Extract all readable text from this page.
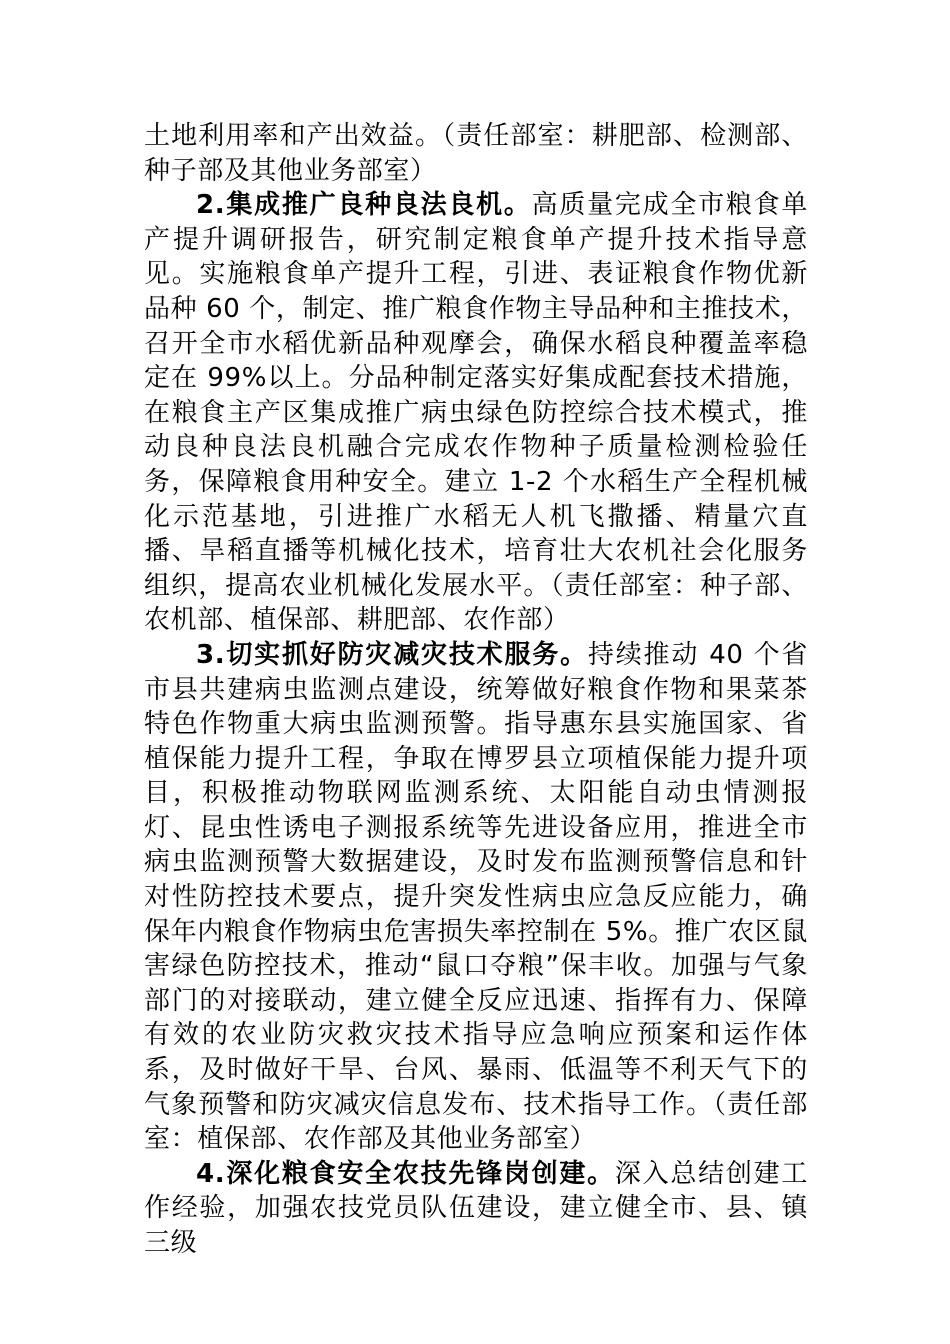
土地利用率和产出效益。（责任部室：耕肥部、检测部、种子部及其他业务部室）

2.集成推广良种良法良机。高质量完成全市粮食单产提升调研报告，研究制定粮食单产提升技术指导意见。实施粮食单产提升工程，引进、表证粮食作物优新品种 60 个，制定、推广粮食作物主导品种和主推技术，召开全市水稻优新品种观摩会，确保水稻良种覆盖率稳定在 99%以上。分品种制定落实好集成配套技术措施，在粮食主产区集成推广病虫绿色防控综合技术模式，推动良种良法良机融合完成农作物种子质量检测检验任务，保障粮食用种安全。建立 1-2 个水稻生产全程机械化示范基地，引进推广水稻无人机飞撒播、精量穴直播、旱稻直播等机械化技术，培育壮大农机社会化服务组织，提高农业机械化发展水平。（责任部室：种子部、农机部、植保部、耕肥部、农作部）

3.切实抓好防灾减灾技术服务。持续推动 40 个省市县共建病虫监测点建设，统筹做好粮食作物和果菜茶特色作物重大病虫监测预警。指导惠东县实施国家、省植保能力提升工程，争取在博罗县立项植保能力提升项目，积极推动物联网监测系统、太阳能自动虫情测报灯、昆虫性诱电子测报系统等先进设备应用，推进全市病虫监测预警大数据建设，及时发布监测预警信息和针对性防控技术要点，提升突发性病虫应急反应能力，确保年内粮食作物病虫危害损失率控制在 5%。推广农区鼠害绿色防控技术，推动“鼠口夺粮”保丰收。加强与气象部门的对接联动，建立健全反应迅速、指挥有力、保障有效的农业防灾救灾技术指导应急响应预案和运作体系，及时做好干旱、台风、暴雨、低温等不利天气下的气象预警和防灾减灾信息发布、技术指导工作。（责任部室：植保部、农作部及其他业务部室）

4.深化粮食安全农技先锋岗创建。深入总结创建工作经验，加强农技党员队伍建设，建立健全市、县、镇三级
